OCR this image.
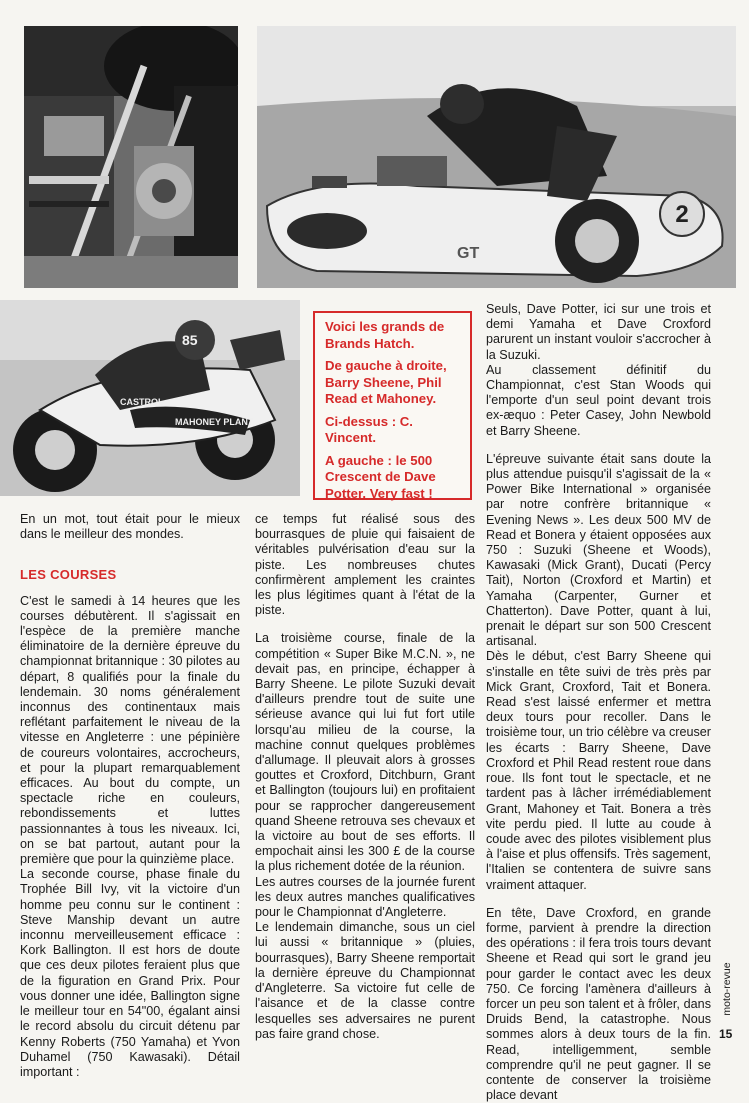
2
GT
MAHONEY PLANT
CASTROL
85

Voici les grands de Brands Hatch.

De gauche à droite, Barry Sheene, Phil Read et Mahoney.

Ci-dessus : C. Vincent.

A gauche : le 500 Crescent de Dave Potter. Very fast !

En un mot, tout était pour le mieux dans le meilleur des mondes.

LES COURSES

C'est le samedi à 14 heures que les courses débutèrent. Il s'agissait en l'espèce de la première manche éliminatoire de la dernière épreuve du championnat britannique : 30 pilotes au départ, 8 qualifiés pour la finale du lendemain. 30 noms généralement inconnus des continentaux mais reflétant parfaitement le niveau de la vitesse en Angleterre : une pépinière de coureurs volontaires, accrocheurs, et pour la plupart remarquablement efficaces. Au bout du compte, un spectacle riche en couleurs, rebondissements et luttes passionnantes à tous les niveaux. Ici, on se bat partout, autant pour la première que pour la quinzième place.

La seconde course, phase finale du Trophée Bill Ivy, vit la victoire d'un homme peu connu sur le continent : Steve Manship devant un autre inconnu merveilleusement efficace : Kork Ballington. Il est hors de doute que ces deux pilotes feraient plus que de la figuration en Grand Prix. Pour vous donner une idée, Ballington signe le meilleur tour en 54"00, égalant ainsi le record absolu du circuit détenu par Kenny Roberts (750 Yamaha) et Yvon Duhamel (750 Kawasaki). Détail important :

ce temps fut réalisé sous des bourrasques de pluie qui faisaient de véritables pulvérisation d'eau sur la piste. Les nombreuses chutes confirmèrent amplement les craintes les plus légitimes quant à l'état de la piste.

La troisième course, finale de la compétition « Super Bike M.C.N. », ne devait pas, en principe, échapper à Barry Sheene. Le pilote Suzuki devait d'ailleurs prendre tout de suite une sérieuse avance qui lui fut fort utile lorsqu'au milieu de la course, la machine connut quelques problèmes d'allumage. Il pleuvait alors à grosses gouttes et Croxford, Ditchburn, Grant et Ballington (toujours lui) en profitaient pour se rapprocher dangereusement quand Sheene retrouva ses chevaux et la victoire au bout de ses efforts. Il empochait ainsi les 300 £ de la course la plus richement dotée de la réunion.

Les autres courses de la journée furent les deux autres manches qualificatives pour le Championnat d'Angleterre.

Le lendemain dimanche, sous un ciel lui aussi « britannique » (pluies, bourrasques), Barry Sheene remportait la dernière épreuve du Championnat d'Angleterre. Sa victoire fut celle de l'aisance et de la classe contre lesquelles ses adversaires ne purent pas faire grand chose.

Seuls, Dave Potter, ici sur une trois et demi Yamaha et Dave Croxford parurent un instant vouloir s'accrocher à la Suzuki.

Au classement définitif du Championnat, c'est Stan Woods qui l'emporte d'un seul point devant trois ex-æquo : Peter Casey, John Newbold et Barry Sheene.

L'épreuve suivante était sans doute la plus attendue puisqu'il s'agissait de la « Power Bike International » organisée par notre confrère britannique « Evening News ». Les deux 500 MV de Read et Bonera y étaient opposées aux 750 : Suzuki (Sheene et Woods), Kawasaki (Mick Grant), Ducati (Percy Tait), Norton (Croxford et Martin) et Yamaha (Carpenter, Gurner et Chatterton). Dave Potter, quant à lui, prenait le départ sur son 500 Crescent artisanal.

Dès le début, c'est Barry Sheene qui s'installe en tête suivi de très près par Mick Grant, Croxford, Tait et Bonera. Read s'est laissé enfermer et mettra deux tours pour recoller. Dans le troisième tour, un trio célèbre va creuser les écarts : Barry Sheene, Dave Croxford et Phil Read restent roue dans roue. Ils font tout le spectacle, et ne tardent pas à lâcher irrémédiablement Grant, Mahoney et Tait. Bonera a très vite perdu pied. Il lutte au coude à coude avec des pilotes visiblement plus à l'aise et plus offensifs. Très sagement, l'Italien se contentera de suivre sans vraiment attaquer.

En tête, Dave Croxford, en grande forme, parvient à prendre la direction des opérations : il fera trois tours devant Sheene et Read qui sort le grand jeu pour garder le contact avec les deux 750. Ce forcing l'amènera d'ailleurs à forcer un peu son talent et à frôler, dans Druids Bend, la catastrophe. Nous sommes alors à deux tours de la fin. Read, intelligemment, semble comprendre qu'il ne peut gagner. Il se contente de conserver la troisième place devant

moto-revue
15
